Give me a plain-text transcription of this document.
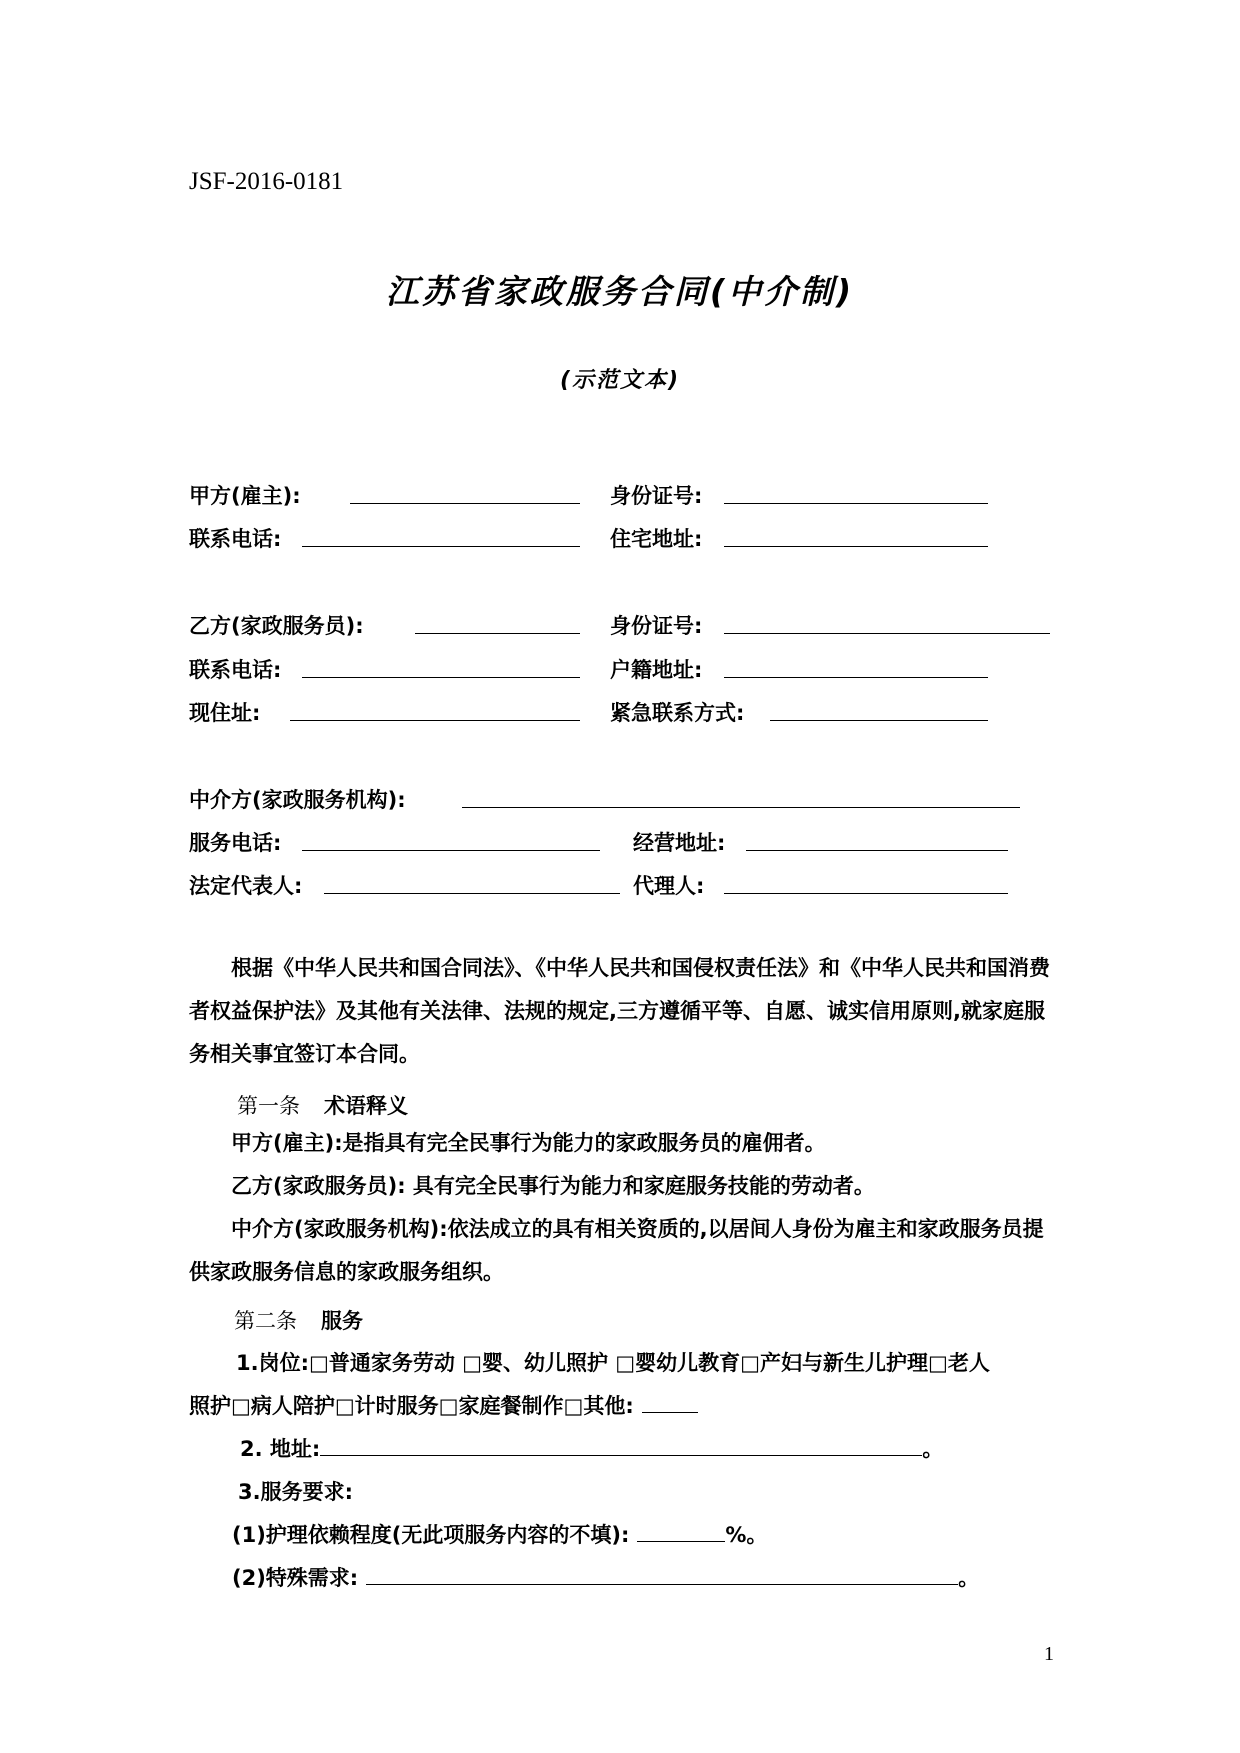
JSF-2016-0181
江苏省家政服务合同(中介制)
(示范文本)
甲方(雇主):	身份证号:
联系电话:	住宅地址:
乙方(家政服务员):	身份证号:
联系电话:	户籍地址:
现住址:	紧急联系方式:
中介方(家政服务机构):
服务电话:	经营地址:
法定代表人:	代理人:
根据《中华人民共和国合同法》、《中华人民共和国侵权责任法》和《中华人民共和国消费者权益保护法》及其他有关法律、法规的规定,三方遵循平等、自愿、诚实信用原则,就家庭服务相关事宜签订本合同。
第一条 术语释义
甲方(雇主):是指具有完全民事行为能力的家政服务员的雇佣者。
乙方(家政服务员): 具有完全民事行为能力和家庭服务技能的劳动者。
中介方(家政服务机构):依法成立的具有相关资质的,以居间人身份为雇主和家政服务员提供家政服务信息的家政服务组织。
第二条 服务
1.岗位:□普通家务劳动 □婴、幼儿照护 □婴幼儿教育□产妇与新生儿护理□老人
照护□病人陪护□计时服务□家庭餐制作□其他:
2. 地址:	。
3.服务要求:
(1)护理依赖程度(无此项服务内容的不填):	%。
(2)特殊需求:	。
1
